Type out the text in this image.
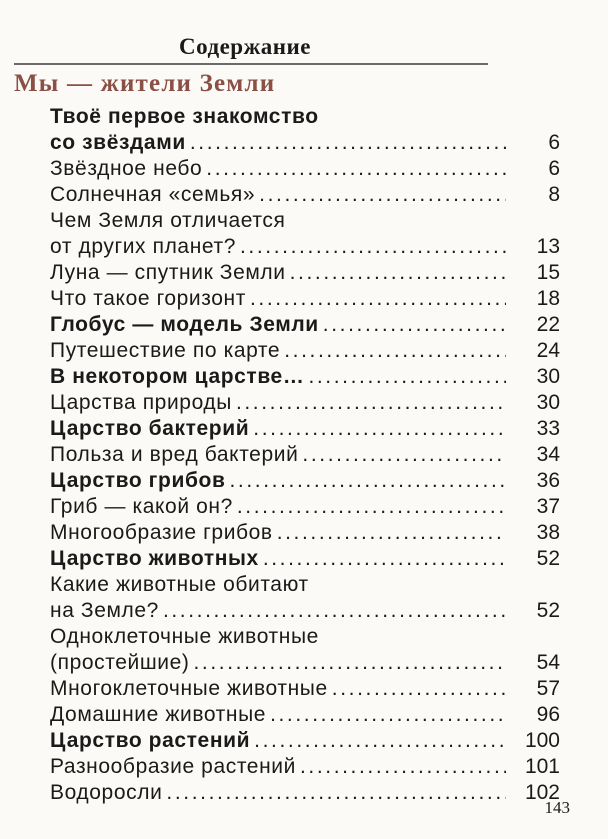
Содержание
Мы — жители Земли
Твоё первое знакомство
со звёздами .....	6
Звёздное небо .....	6
Солнечная «семья» .....	8
Чем Земля отличается
от других планет? .....	13
Луна — спутник Земли .....	15
Что такое горизонт .....	18
Глобус — модель Земли .....	22
Путешествие по карте .....	24
В некотором царстве… .....	30
Царства природы .....	30
Царство бактерий .....	33
Польза и вред бактерий .....	34
Царство грибов .....	36
Гриб — какой он? .....	37
Многообразие грибов .....	38
Царство животных .....	52
Какие животные обитают
на Земле? .....	52
Одноклеточные животные
(простейшие) .....	54
Многоклеточные животные .....	57
Домашние животные .....	96
Царство растений .....	100
Разнообразие растений .....	101
Водоросли .....	102
143
